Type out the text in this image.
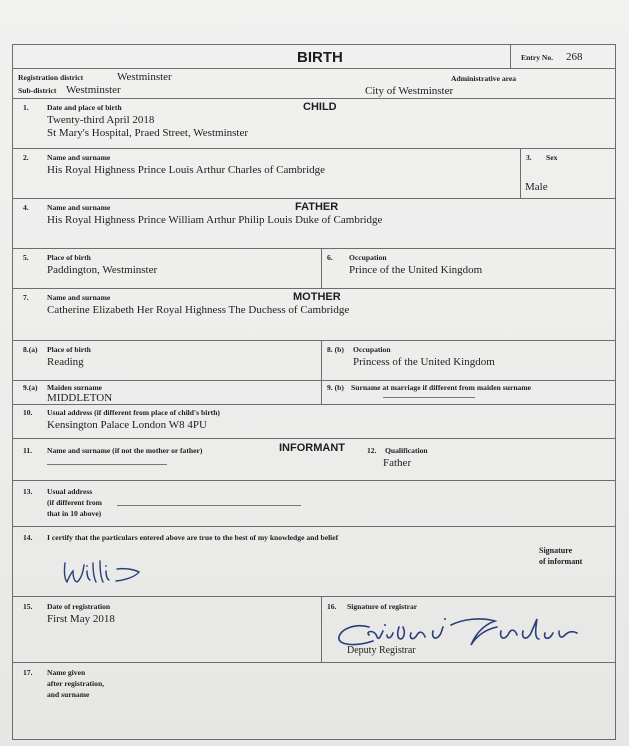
BIRTH	Entry No. 268
Registration district	Westminster	Administrative area
Sub-district Westminster	City of Westminster
1. Date and place of birth	CHILD
Twenty-third April 2018
St Mary's Hospital, Praed Street, Westminster
2. Name and surname
His Royal Highness Prince Louis Arthur Charles of Cambridge
3. Sex
Male
4. Name and surname	FATHER
His Royal Highness Prince William Arthur Philip Louis Duke of Cambridge
5. Place of birth
Paddington, Westminster
6. Occupation
Prince of the United Kingdom
7. Name and surname	MOTHER
Catherine Elizabeth Her Royal Highness The Duchess of Cambridge
8.(a) Place of birth
Reading
8. (b) Occupation
Princess of the United Kingdom
9.(a) Maiden surname
MIDDLETON
9. (b) Surname at marriage if different from maiden surname
10. Usual address (if different from place of child's birth)
Kensington Palace London W8 4PU
11. Name and surname (if not the mother or father)	INFORMANT	12. Qualification
Father
13. Usual address
(if different from
that in 10 above)
14. I certify that the particulars entered above are true to the best of my knowledge and belief
Signature
of informant
15. Date of registration
First May 2018
16. Signature of registrar
Deputy Registrar
17. Name given
after registration,
and surname
